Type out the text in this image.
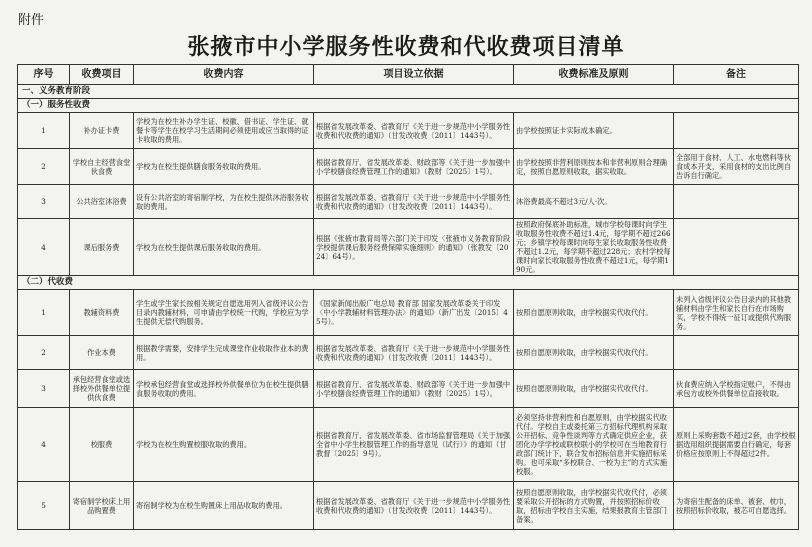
附件
张掖市中小学服务性收费和代收费项目清单
序号	收费项目	收费内容	项目设立依据	收费标准及原则	备注
一、义务教育阶段					
（一）服务性收费					
1	补办证卡费	学校为在校生补办学生证、校徽、借书证、学生证、就餐卡等学生在校学习生活期间必须使用或应当取得的证卡收取的费用。	根据省发展改革委、省教育厅《关于进一步规范中小学服务性收费和代收费的通知》（甘发改收费〔2011〕1443号）。	由学校按照证卡实际成本确定。	
2	学校自主经营食堂伙食费	学校为在校生提供膳食服务收取的费用。	根据省教育厅、省发展改革委、财政部等《关于进一步加强中小学校膳食经费管理工作的通知》（教财〔2025〕1号）。	由学校按照非营利原则按本和非营利原则合理确定，按照自愿原则收取，据实收取。	全部用于食材、人工、水电燃料等伙食成本开支，采用食材的支出比例自告诉自行确定。
3	公共浴室沐浴费	设有公共浴室的寄宿制学校，为在校生提供沐浴服务收取的费用。	根据省发展改革委、省教育厅《关于进一步规范中小学服务性收费和代收费的通知》（甘发改收费〔2011〕1443号）。	沐浴费最高不超过3元/人·次。	
4	课后服务费	学校为在校生提供课后服务收取的费用。	根据《张掖市教育局等六部门关于印发〈张掖市义务教育阶段学校提供课后服务经费保障实施细则〉的通知》（张教发〔2024〕64号）。	按照政府保底补助标准，城市学校每课时向学生收取服务性收费不超过1.4元，每学期不超过266元；乡镇学校每课时向每生家长收取服务性收费不超过1.2元，每学期不超过228元；农村学校每课时向家长收取服务性收费不超过1元，每学期190元。	
（二）代收费					
1	教辅资料费	学生或学生家长按相关规定自愿选用列入省级评议公告目录内教辅材料，可申请由学校统一代购，学校应为学生提供无偿代购服务。	《国家新闻出版广电总局 教育部 国家发展改革委关于印发〈中小学教辅材料管理办法〉的通知》（新广出发〔2015〕45号）。	按照自愿原则收取，由学校据实代收代付。	未列入省级评议公告目录内的其他教辅材料由学生和家长自行在市场购买，学校不得统一征订或提供代购服务。
2	作业本费	根据教学需要，安排学生完成课堂作业收取作业本的费用。	根据省发展改革委、省教育厅《关于进一步规范中小学服务性收费和代收费的通知》（甘发改收费〔2011〕1443号）。	按照自愿原则收取，由学校据实代收代付。	
3	承包经营食堂或选择校外供餐单位提供伙食费	学校承包经营食堂或选择校外供餐单位为在校生提供膳食服务收取的费用。	根据省教育厅、省发展改革委、财政部等《关于进一步加强中小学校膳食经费管理工作的通知》（教财〔2025〕1号）。	按照自愿原则收取，由学校据实代收代付。	伙食费应纳入学校指定账户，不得由承包方或校外供餐单位直接收取。
4	校服费	学校为在校生购置校服收取的费用。	根据省教育厅、省发展改革委、省市场监督管理局《关于加强全省中小学生校服管理工作的指导意见（试行）》的通知（甘教督〔2025〕9号）。	必须坚持非营利性和自愿原则，由学校据实代收代付。学校自主或委托第三方招标代理机构采取公开招标、竞争性谈判等方式确定供应企业，获团化办学学校或联校联小的学校可在当地教育行政部门统计下，联合发布招标信息并实施招标采购。也可采取“多校联合、一校为主”的方式实施校服。	原则上采购套数不超过2套，由学校根据选用组织提据需要自行确定，每套价格应按原则上不得超过2件。
5	寄宿制学校床上用品购置费	寄宿制学校为在校生购置床上用品收取的费用。	根据省发展改革委、省教育厅《关于进一步规范中小学服务性收费和代收费的通知》（甘发改收费〔2011〕1443号）。	按照自愿原则收取，由学校据实代收代付，必须要采取公开招标的方式购置，并按照招标价收取，招标由学校自主实施，结果报教育主管部门备案。	为寄宿生配备的床单、被套、枕巾，按照招标价收取，被芯可自愿选择。
